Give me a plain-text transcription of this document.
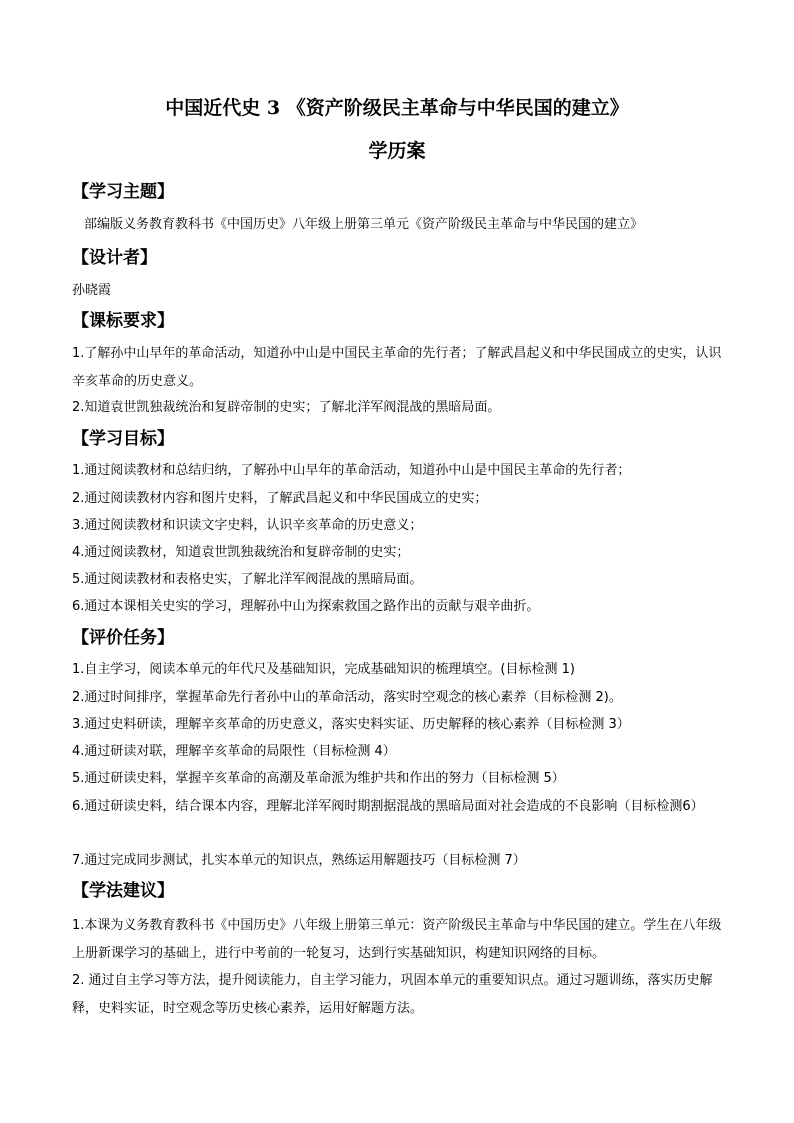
中国近代史 3 《资产阶级民主革命与中华民国的建立》
学历案
【学习主题】
部编版义务教育教科书《中国历史》八年级上册第三单元《资产阶级民主革命与中华民国的建立》
【设计者】
孙晓霞
【课标要求】
1.了解孙中山早年的革命活动，知道孙中山是中国民主革命的先行者；了解武昌起义和中华民国成立的史实，认识辛亥革命的历史意义。
2.知道袁世凯独裁统治和复辟帝制的史实；了解北洋军阀混战的黑暗局面。
【学习目标】
1.通过阅读教材和总结归纳，了解孙中山早年的革命活动，知道孙中山是中国民主革命的先行者；
2.通过阅读教材内容和图片史料，了解武昌起义和中华民国成立的史实；
3.通过阅读教材和识读文字史料，认识辛亥革命的历史意义；
4.通过阅读教材，知道袁世凯独裁统治和复辟帝制的史实；
5.通过阅读教材和表格史实，了解北洋军阀混战的黑暗局面。
6.通过本课相关史实的学习，理解孙中山为探索救国之路作出的贡献与艰辛曲折。
【评价任务】
1.自主学习，阅读本单元的年代尺及基础知识，完成基础知识的梳理填空。(目标检测 1)
2.通过时间排序，掌握革命先行者孙中山的革命活动，落实时空观念的核心素养（目标检测 2)。
3.通过史料研读，理解辛亥革命的历史意义，落实史料实证、历史解释的核心素养（目标检测 3）
4.通过研读对联，理解辛亥革命的局限性（目标检测 4）
5.通过研读史料，掌握辛亥革命的高潮及革命派为维护共和作出的努力（目标检测 5）
6.通过研读史料，结合课本内容，理解北洋军阀时期割据混战的黑暗局面对社会造成的不良影响（目标检测6）
7.通过完成同步测试，扎实本单元的知识点，熟练运用解题技巧（目标检测 7）
【学法建议】
1.本课为义务教育教科书《中国历史》八年级上册第三单元：资产阶级民主革命与中华民国的建立。学生在八年级上册新课学习的基础上，进行中考前的一轮复习，达到行实基础知识，构建知识网络的目标。
2. 通过自主学习等方法，提升阅读能力，自主学习能力，巩固本单元的重要知识点。通过习题训练，落实历史解释，史料实证，时空观念等历史核心素养，运用好解题方法。
